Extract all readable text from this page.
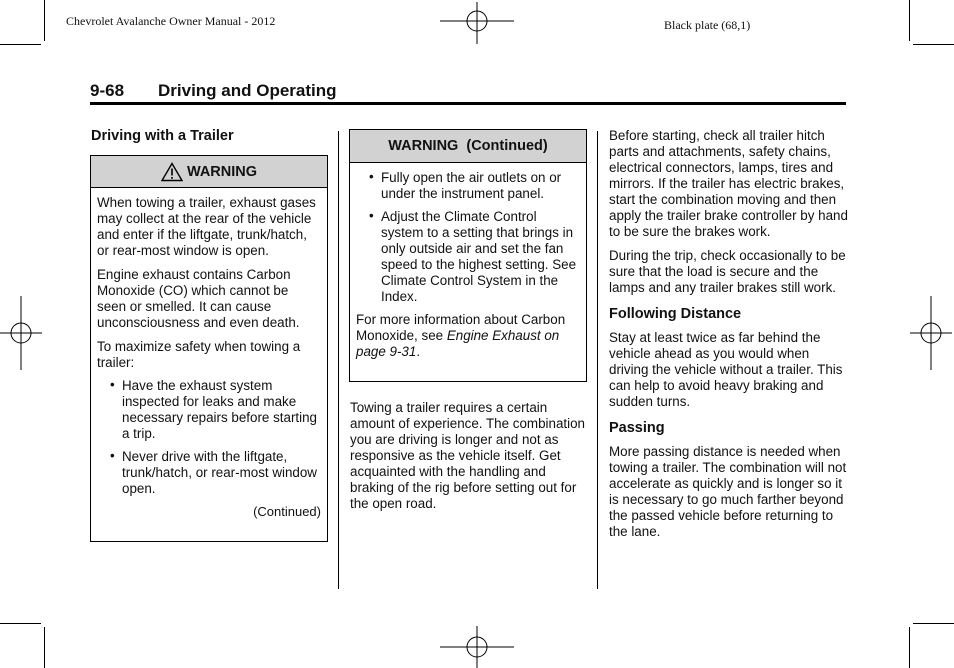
Chevrolet Avalanche Owner Manual - 2012	Black plate (68,1)
9-68 Driving and Operating
Driving with a Trailer
WARNING

When towing a trailer, exhaust gases may collect at the rear of the vehicle and enter if the liftgate, trunk/hatch, or rear-most window is open.

Engine exhaust contains Carbon Monoxide (CO) which cannot be seen or smelled. It can cause unconsciousness and even death.

To maximize safety when towing a trailer:

• Have the exhaust system inspected for leaks and make necessary repairs before starting a trip.
• Never drive with the liftgate, trunk/hatch, or rear-most window open.
(Continued)
WARNING  (Continued)
• Fully open the air outlets on or under the instrument panel.
• Adjust the Climate Control system to a setting that brings in only outside air and set the fan speed to the highest setting. See Climate Control System in the Index.

For more information about Carbon Monoxide, see Engine Exhaust on page 9-31.

Towing a trailer requires a certain amount of experience. The combination you are driving is longer and not as responsive as the vehicle itself. Get acquainted with the handling and braking of the rig before setting out for the open road.

Before starting, check all trailer hitch parts and attachments, safety chains, electrical connectors, lamps, tires and mirrors. If the trailer has electric brakes, start the combination moving and then apply the trailer brake controller by hand to be sure the brakes work.

During the trip, check occasionally to be sure that the load is secure and the lamps and any trailer brakes still work.

Following Distance

Stay at least twice as far behind the vehicle ahead as you would when driving the vehicle without a trailer. This can help to avoid heavy braking and sudden turns.

Passing

More passing distance is needed when towing a trailer. The combination will not accelerate as quickly and is longer so it is necessary to go much farther beyond the passed vehicle before returning to the lane.
